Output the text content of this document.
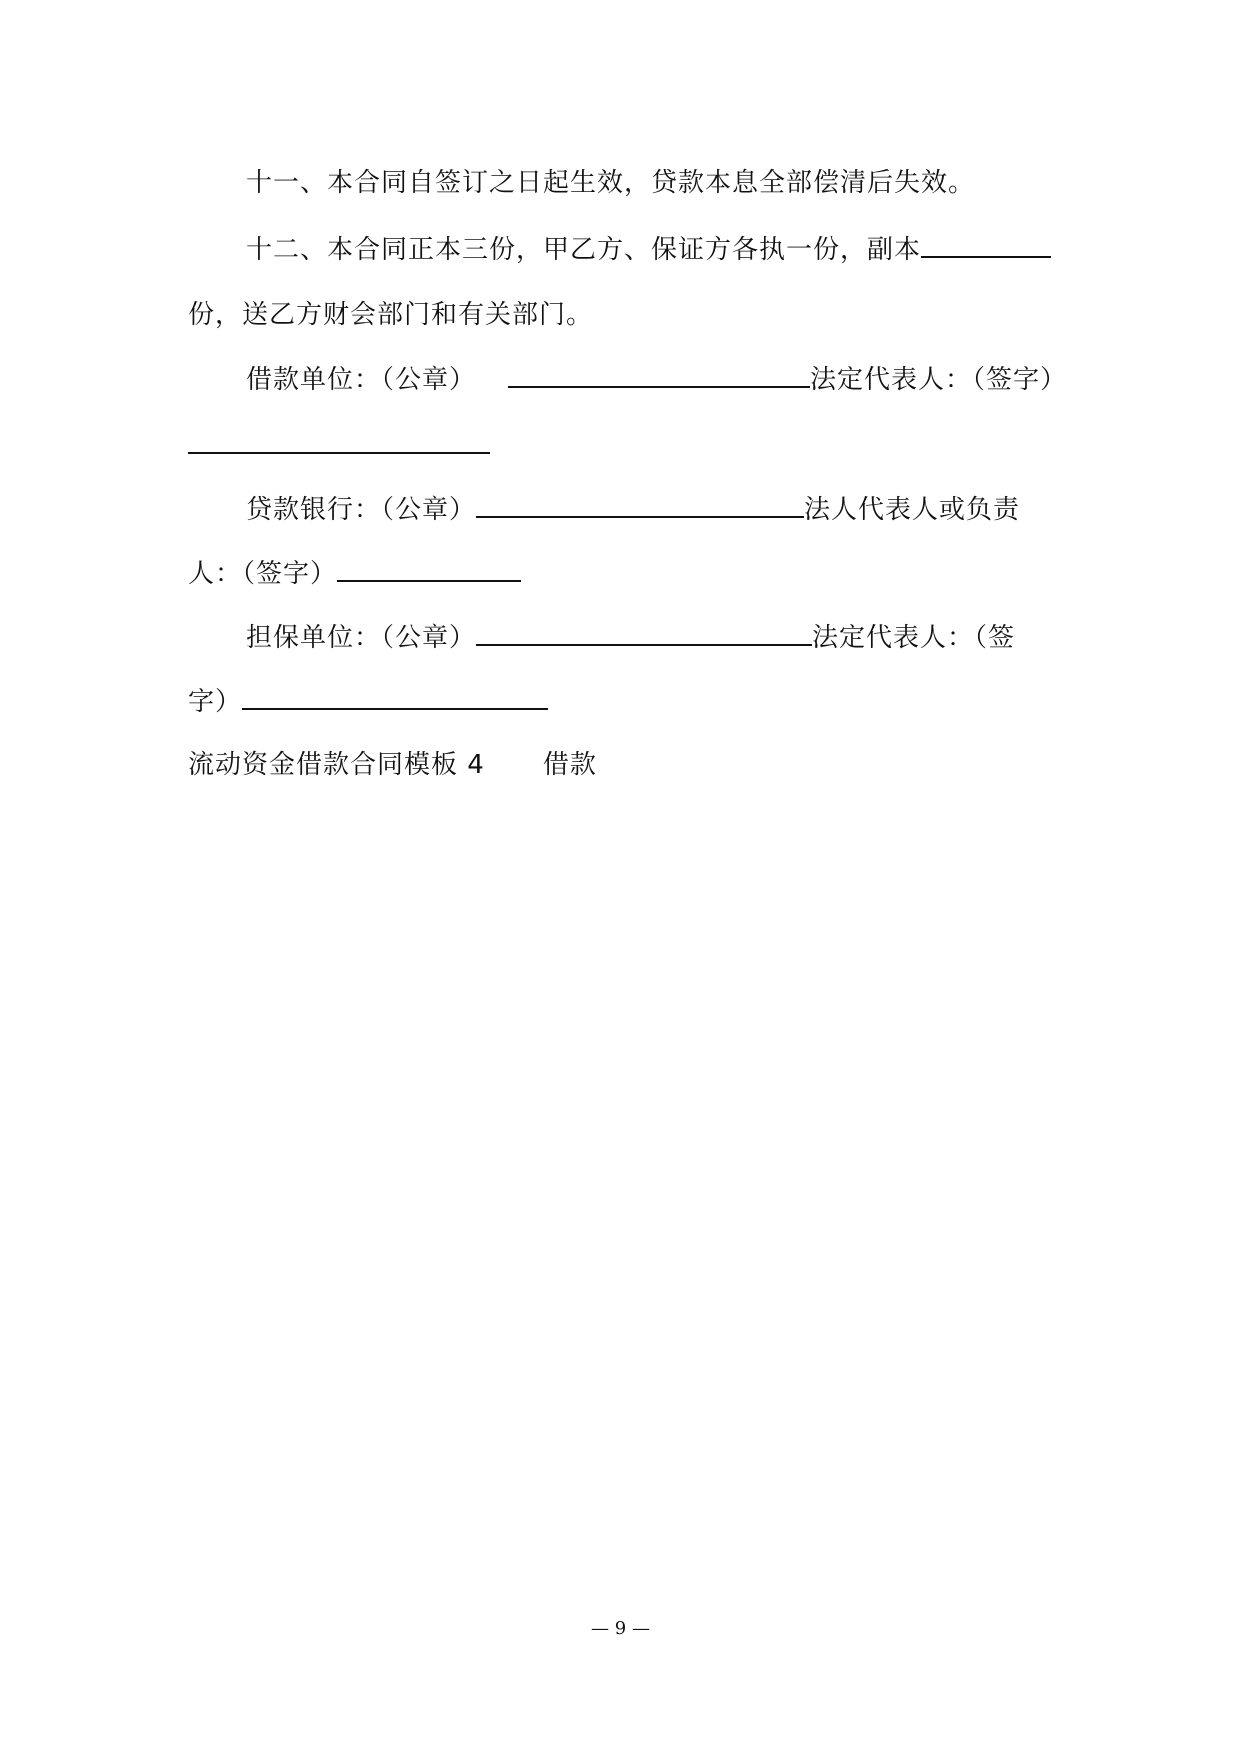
十一、本合同自签订之日起生效，贷款本息全部偿清后失效。
十二、本合同正本三份，甲乙方、保证方各执一份，副本
份，送乙方财会部门和有关部门。
借款单位：（公章）	法定代表人：（签字）
贷款银行：（公章）	法人代表人或负责
人：（签字）
担保单位：（公章）	法定代表人：（签
字）
流动资金借款合同模板 4 借款
— 9 —
